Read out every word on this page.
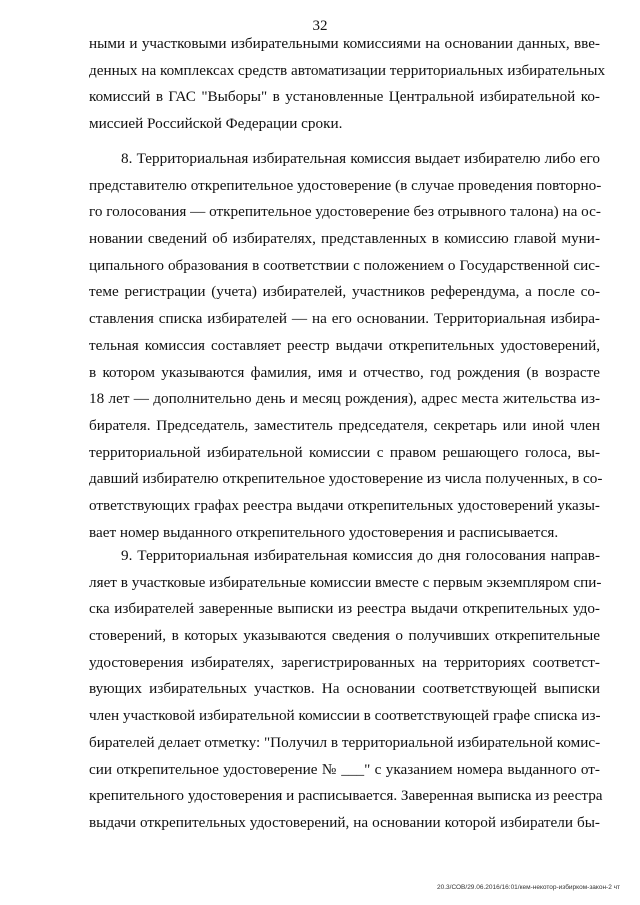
32
ными и участковыми избирательными комиссиями на основании данных, вве-
денных на комплексах средств автоматизации территориальных избирательных
комиссий в ГАС "Выборы" в установленные Центральной избирательной ко-
миссией Российской Федерации сроки.
8. Территориальная избирательная комиссия выдает избирателю либо его
представителю открепительное удостоверение (в случае проведения повторно-
го голосования — открепительное удостоверение без отрывного талона) на ос-
новании сведений об избирателях, представленных в комиссию главой муни-
ципального образования в соответствии с положением о Государственной сис-
теме регистрации (учета) избирателей, участников референдума, а после со-
ставления списка избирателей — на его основании. Территориальная избира-
тельная комиссия составляет реестр выдачи открепительных удостоверений,
в котором указываются фамилия, имя и отчество, год рождения (в возрасте
18 лет — дополнительно день и месяц рождения), адрес места жительства из-
бирателя. Председатель, заместитель председателя, секретарь или иной член
территориальной избирательной комиссии с правом решающего голоса, вы-
давший избирателю открепительное удостоверение из числа полученных, в со-
ответствующих графах реестра выдачи открепительных удостоверений указы-
вает номер выданного открепительного удостоверения и расписывается.
9. Территориальная избирательная комиссия до дня голосования направ-
ляет в участковые избирательные комиссии вместе с первым экземпляром спи-
ска избирателей заверенные выписки из реестра выдачи открепительных удо-
стоверений, в которых указываются сведения о получивших открепительные
удостоверения избирателях, зарегистрированных на территориях соответст-
вующих избирательных участков. На основании соответствующей выписки
член участковой избирательной комиссии в соответствующей графе списка из-
бирателей делает отметку: "Получил в территориальной избирательной комис-
сии открепительное удостоверение № ___" с указанием номера выданного от-
крепительного удостоверения и расписывается. Заверенная выписка из реестра
выдачи открепительных удостоверений, на основании которой избиратели бы-
20.3/СОВ/29.06.2016/16:01/кем-некотор-избирком-закон-2 чт
